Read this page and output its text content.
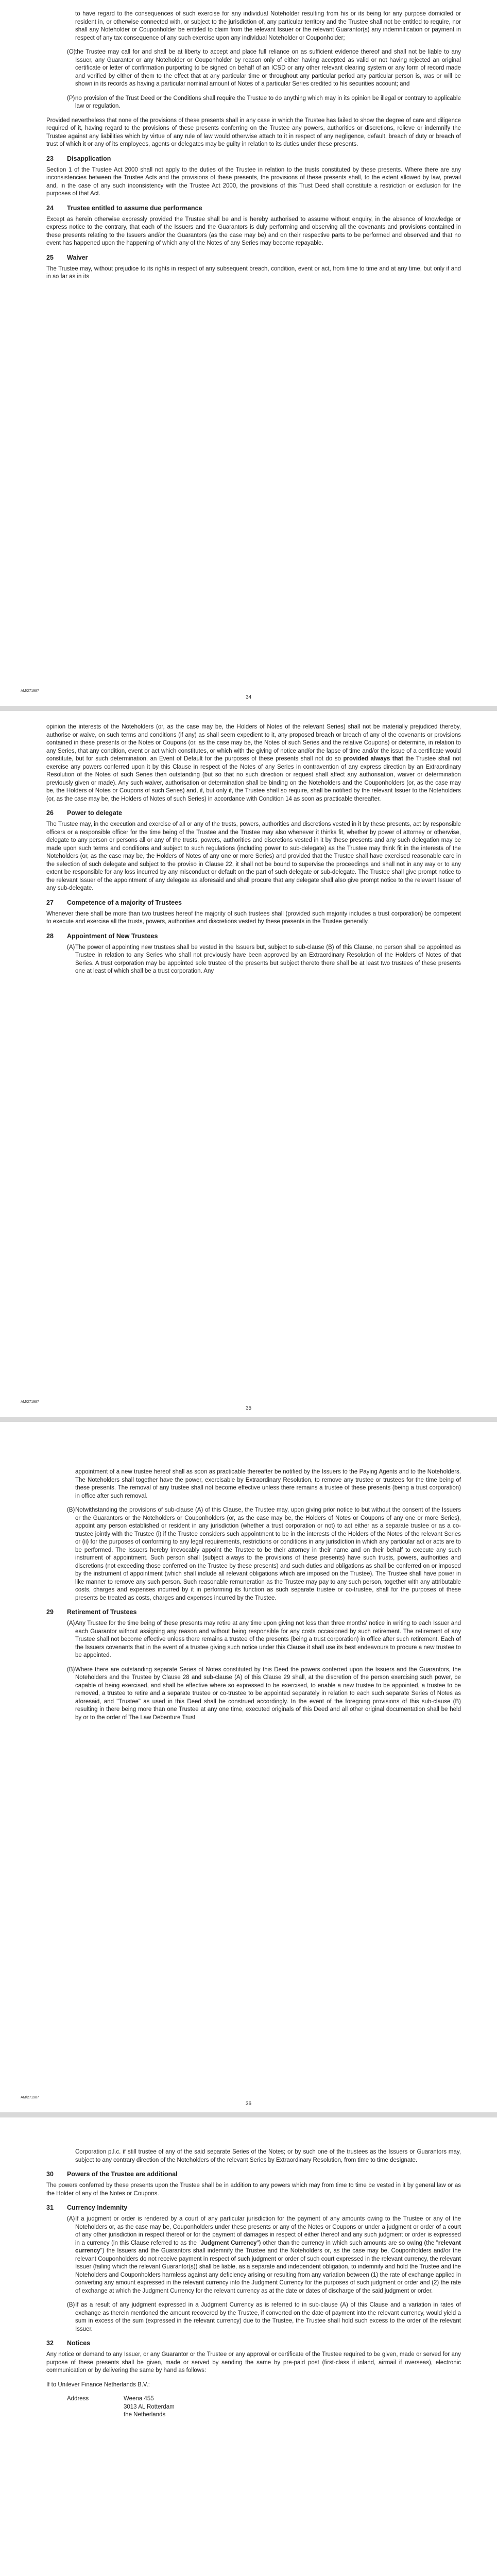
to have regard to the consequences of such exercise for any individual Noteholder resulting from his or its being for any purpose domiciled or resident in, or otherwise connected with, or subject to the jurisdiction of, any particular territory and the Trustee shall not be entitled to require, nor shall any Noteholder or Couponholder be entitled to claim from the relevant Issuer or the relevant Guarantor(s) any indemnification or payment in respect of any tax consequence of any such exercise upon any individual Noteholder or Couponholder;

(O) the Trustee may call for and shall be at liberty to accept and place full reliance on as sufficient evidence thereof and shall not be liable to any Issuer, any Guarantor or any Noteholder or Couponholder by reason only of either having accepted as valid or not having rejected an original certificate or letter of confirmation purporting to be signed on behalf of an ICSD or any other relevant clearing system or any form of record made and verified by either of them to the effect that at any particular time or throughout any particular period any particular person is, was or will be shown in its records as having a particular nominal amount of Notes of a particular Series credited to his securities account; and
(P) no provision of the Trust Deed or the Conditions shall require the Trustee to do anything which may in its opinion be illegal or contrary to applicable law or regulation.

Provided nevertheless that none of the provisions of these presents shall in any case in which the Trustee has failed to show the degree of care and diligence required of it, having regard to the provisions of these presents conferring on the Trustee any powers, authorities or discretions, relieve or indemnify the Trustee against any liabilities which by virtue of any rule of law would otherwise attach to it in respect of any negligence, default, breach of duty or breach of trust of which it or any of its employees, agents or delegates may be guilty in relation to its duties under these presents.

23	Disapplication

Section 1 of the Trustee Act 2000 shall not apply to the duties of the Trustee in relation to the trusts constituted by these presents. Where there are any inconsistencies between the Trustee Acts and the provisions of these presents, the provisions of these presents shall, to the extent allowed by law, prevail and, in the case of any such inconsistency with the Trustee Act 2000, the provisions of this Trust Deed shall constitute a restriction or exclusion for the purposes of that Act.

24	Trustee entitled to assume due performance

Except as herein otherwise expressly provided the Trustee shall be and is hereby authorised to assume without enquiry, in the absence of knowledge or express notice to the contrary, that each of the Issuers and the Guarantors is duly performing and observing all the covenants and provisions contained in these presents relating to the Issuers and/or the Guarantors (as the case may be) and on their respective parts to be performed and observed and that no event has happened upon the happening of which any of the Notes of any Series may become repayable.

25	Waiver

The Trustee may, without prejudice to its rights in respect of any subsequent breach, condition, event or act, from time to time and at any time, but only if and in so far as in its

AM/271987
34

opinion the interests of the Noteholders (or, as the case may be, the Holders of Notes of the relevant Series) shall not be materially prejudiced thereby, authorise or waive, on such terms and conditions (if any) as shall seem expedient to it, any proposed breach or breach of any of the covenants or provisions contained in these presents or the Notes or Coupons (or, as the case may be, the Notes of such Series and the relative Coupons) or determine, in relation to any Series, that any condition, event or act which constitutes, or which with the giving of notice and/or the lapse of time and/or the issue of a certificate would constitute, but for such determination, an Event of Default for the purposes of these presents shall not do so provided always that the Trustee shall not exercise any powers conferred upon it by this Clause in respect of the Notes of any Series in contravention of any express direction by an Extraordinary Resolution of the Notes of such Series then outstanding (but so that no such direction or request shall affect any authorisation, waiver or determination previously given or made). Any such waiver, authorisation or determination shall be binding on the Noteholders and the Couponholders (or, as the case may be, the Holders of Notes or Coupons of such Series) and, if, but only if, the Trustee shall so require, shall be notified by the relevant Issuer to the Noteholders (or, as the case may be, the Holders of Notes of such Series) in accordance with Condition 14 as soon as practicable thereafter.

26	Power to delegate

The Trustee may, in the execution and exercise of all or any of the trusts, powers, authorities and discretions vested in it by these presents, act by responsible officers or a responsible officer for the time being of the Trustee and the Trustee may also whenever it thinks fit, whether by power of attorney or otherwise, delegate to any person or persons all or any of the trusts, powers, authorities and discretions vested in it by these presents and any such delegation may be made upon such terms and conditions and subject to such regulations (including power to sub-delegate) as the Trustee may think fit in the interests of the Noteholders (or, as the case may be, the Holders of Notes of any one or more Series) and provided that the Trustee shall have exercised reasonable care in the selection of such delegate and subject to the proviso in Clause 22, it shall not be bound to supervise the proceedings and shall not in any way or to any extent be responsible for any loss incurred by any misconduct or default on the part of such delegate or sub-delegate. The Trustee shall give prompt notice to the relevant Issuer of the appointment of any delegate as aforesaid and shall procure that any delegate shall also give prompt notice to the relevant Issuer of any sub-delegate.

27	Competence of a majority of Trustees

Whenever there shall be more than two trustees hereof the majority of such trustees shall (provided such majority includes a trust corporation) be competent to execute and exercise all the trusts, powers, authorities and discretions vested by these presents in the Trustee generally.

28	Appointment of New Trustees
(A) The power of appointing new trustees shall be vested in the Issuers but, subject to sub-clause (B) of this Clause, no person shall be appointed as Trustee in relation to any Series who shall not previously have been approved by an Extraordinary Resolution of the Holders of Notes of that Series. A trust corporation may be appointed sole trustee of the presents but subject thereto there shall be at least two trustees of these presents one at least of which shall be a trust corporation. Any
AM/271987
35

appointment of a new trustee hereof shall as soon as practicable thereafter be notified by the Issuers to the Paying Agents and to the Noteholders. The Noteholders shall together have the power, exercisable by Extraordinary Resolution, to remove any trustee or trustees for the time being of these presents. The removal of any trustee shall not become effective unless there remains a trustee of these presents (being a trust corporation) in office after such removal.

(B) Notwithstanding the provisions of sub-clause (A) of this Clause, the Trustee may, upon giving prior notice to but without the consent of the Issuers or the Guarantors or the Noteholders or Couponholders (or, as the case may be, the Holders of Notes or Coupons of any one or more Series), appoint any person established or resident in any jurisdiction (whether a trust corporation or not) to act either as a separate trustee or as a co-trustee jointly with the Trustee (i) if the Trustee considers such appointment to be in the interests of the Holders of the Notes of the relevant Series or (ii) for the purposes of conforming to any legal requirements, restrictions or conditions in any jurisdiction in which any particular act or acts are to be performed. The Issuers hereby irrevocably appoint the Trustee to be their attorney in their name and on their behalf to execute any such instrument of appointment. Such person shall (subject always to the provisions of these presents) have such trusts, powers, authorities and discretions (not exceeding those conferred on the Trustee by these presents) and such duties and obligations as shall be conferred on or imposed by the instrument of appointment (which shall include all relevant obligations which are imposed on the Trustee). The Trustee shall have power in like manner to remove any such person. Such reasonable remuneration as the Trustee may pay to any such person, together with any attributable costs, charges and expenses incurred by it in performing its function as such separate trustee or co-trustee, shall for the purposes of these presents be treated as costs, charges and expenses incurred by the Trustee.
29	Retirement of Trustees
(A) Any Trustee for the time being of these presents may retire at any time upon giving not less than three months' notice in writing to each Issuer and each Guarantor without assigning any reason and without being responsible for any costs occasioned by such retirement. The retirement of any Trustee shall not become effective unless there remains a trustee of the presents (being a trust corporation) in office after such retirement. Each of the Issuers covenants that in the event of a trustee giving such notice under this Clause it shall use its best endeavours to procure a new trustee to be appointed.
(B) Where there are outstanding separate Series of Notes constituted by this Deed the powers conferred upon the Issuers and the Guarantors, the Noteholders and the Trustee by Clause 28 and sub-clause (A) of this Clause 29 shall, at the discretion of the person exercising such power, be capable of being exercised, and shall be effective where so expressed to be exercised, to enable a new trustee to be appointed, a trustee to be removed, a trustee to retire and a separate trustee or co-trustee to be appointed separately in relation to each such separate Series of Notes as aforesaid, and "Trustee" as used in this Deed shall be construed accordingly. In the event of the foregoing provisions of this sub-clause (B) resulting in there being more than one Trustee at any one time, executed originals of this Deed and all other original documentation shall be held by or to the order of The Law Debenture Trust
AM/271987
36

Corporation p.l.c. if still trustee of any of the said separate Series of the Notes; or by such one of the trustees as the Issuers or Guarantors may, subject to any contrary direction of the Noteholders of the relevant Series by Extraordinary Resolution, from time to time designate.

30	Powers of the Trustee are additional

The powers conferred by these presents upon the Trustee shall be in addition to any powers which may from time to time be vested in it by general law or as the Holder of any of the Notes or Coupons.

31	Currency Indemnity
(A) If a judgment or order is rendered by a court of any particular jurisdiction for the payment of any amounts owing to the Trustee or any of the Noteholders or, as the case may be, Couponholders under these presents or any of the Notes or Coupons or under a judgment or order of a court of any other jurisdiction in respect thereof or for the payment of damages in respect of either thereof and any such judgment or order is expressed in a currency (in this Clause referred to as the "Judgment Currency") other than the currency in which such amounts are so owing (the "relevant currency") the Issuers and the Guarantors shall indemnify the Trustee and the Noteholders or, as the case may be, Couponholders and/or the relevant Couponholders do not receive payment in respect of such judgment or order of such court expressed in the relevant currency, the relevant Issuer (failing which the relevant Guarantor(s)) shall be liable, as a separate and independent obligation, to indemnify and hold the Trustee and the Noteholders and Couponholders harmless against any deficiency arising or resulting from any variation between (1) the rate of exchange applied in converting any amount expressed in the relevant currency into the Judgment Currency for the purposes of such judgment or order and (2) the rate of exchange at which the Judgment Currency for the relevant currency as at the date or dates of discharge of the said judgment or order.
(B) If as a result of any judgment expressed in a Judgment Currency as is referred to in sub-clause (A) of this Clause and a variation in rates of exchange as therein mentioned the amount recovered by the Trustee, if converted on the date of payment into the relevant currency, would yield a sum in excess of the sum (expressed in the relevant currency) due to the Trustee, the Trustee shall hold such excess to the order of the relevant Issuer.
32	Notices

Any notice or demand to any Issuer, or any Guarantor or the Trustee or any approval or certificate of the Trustee required to be given, made or served for any purpose of these presents shall be given, made or served by sending the same by pre-paid post (first-class if inland, airmail if overseas), electronic communication or by delivering the same by hand as follows:

If to Unilever Finance Netherlands B.V.:

Address	Weena 455
3013 AL Rotterdam
the Netherlands
